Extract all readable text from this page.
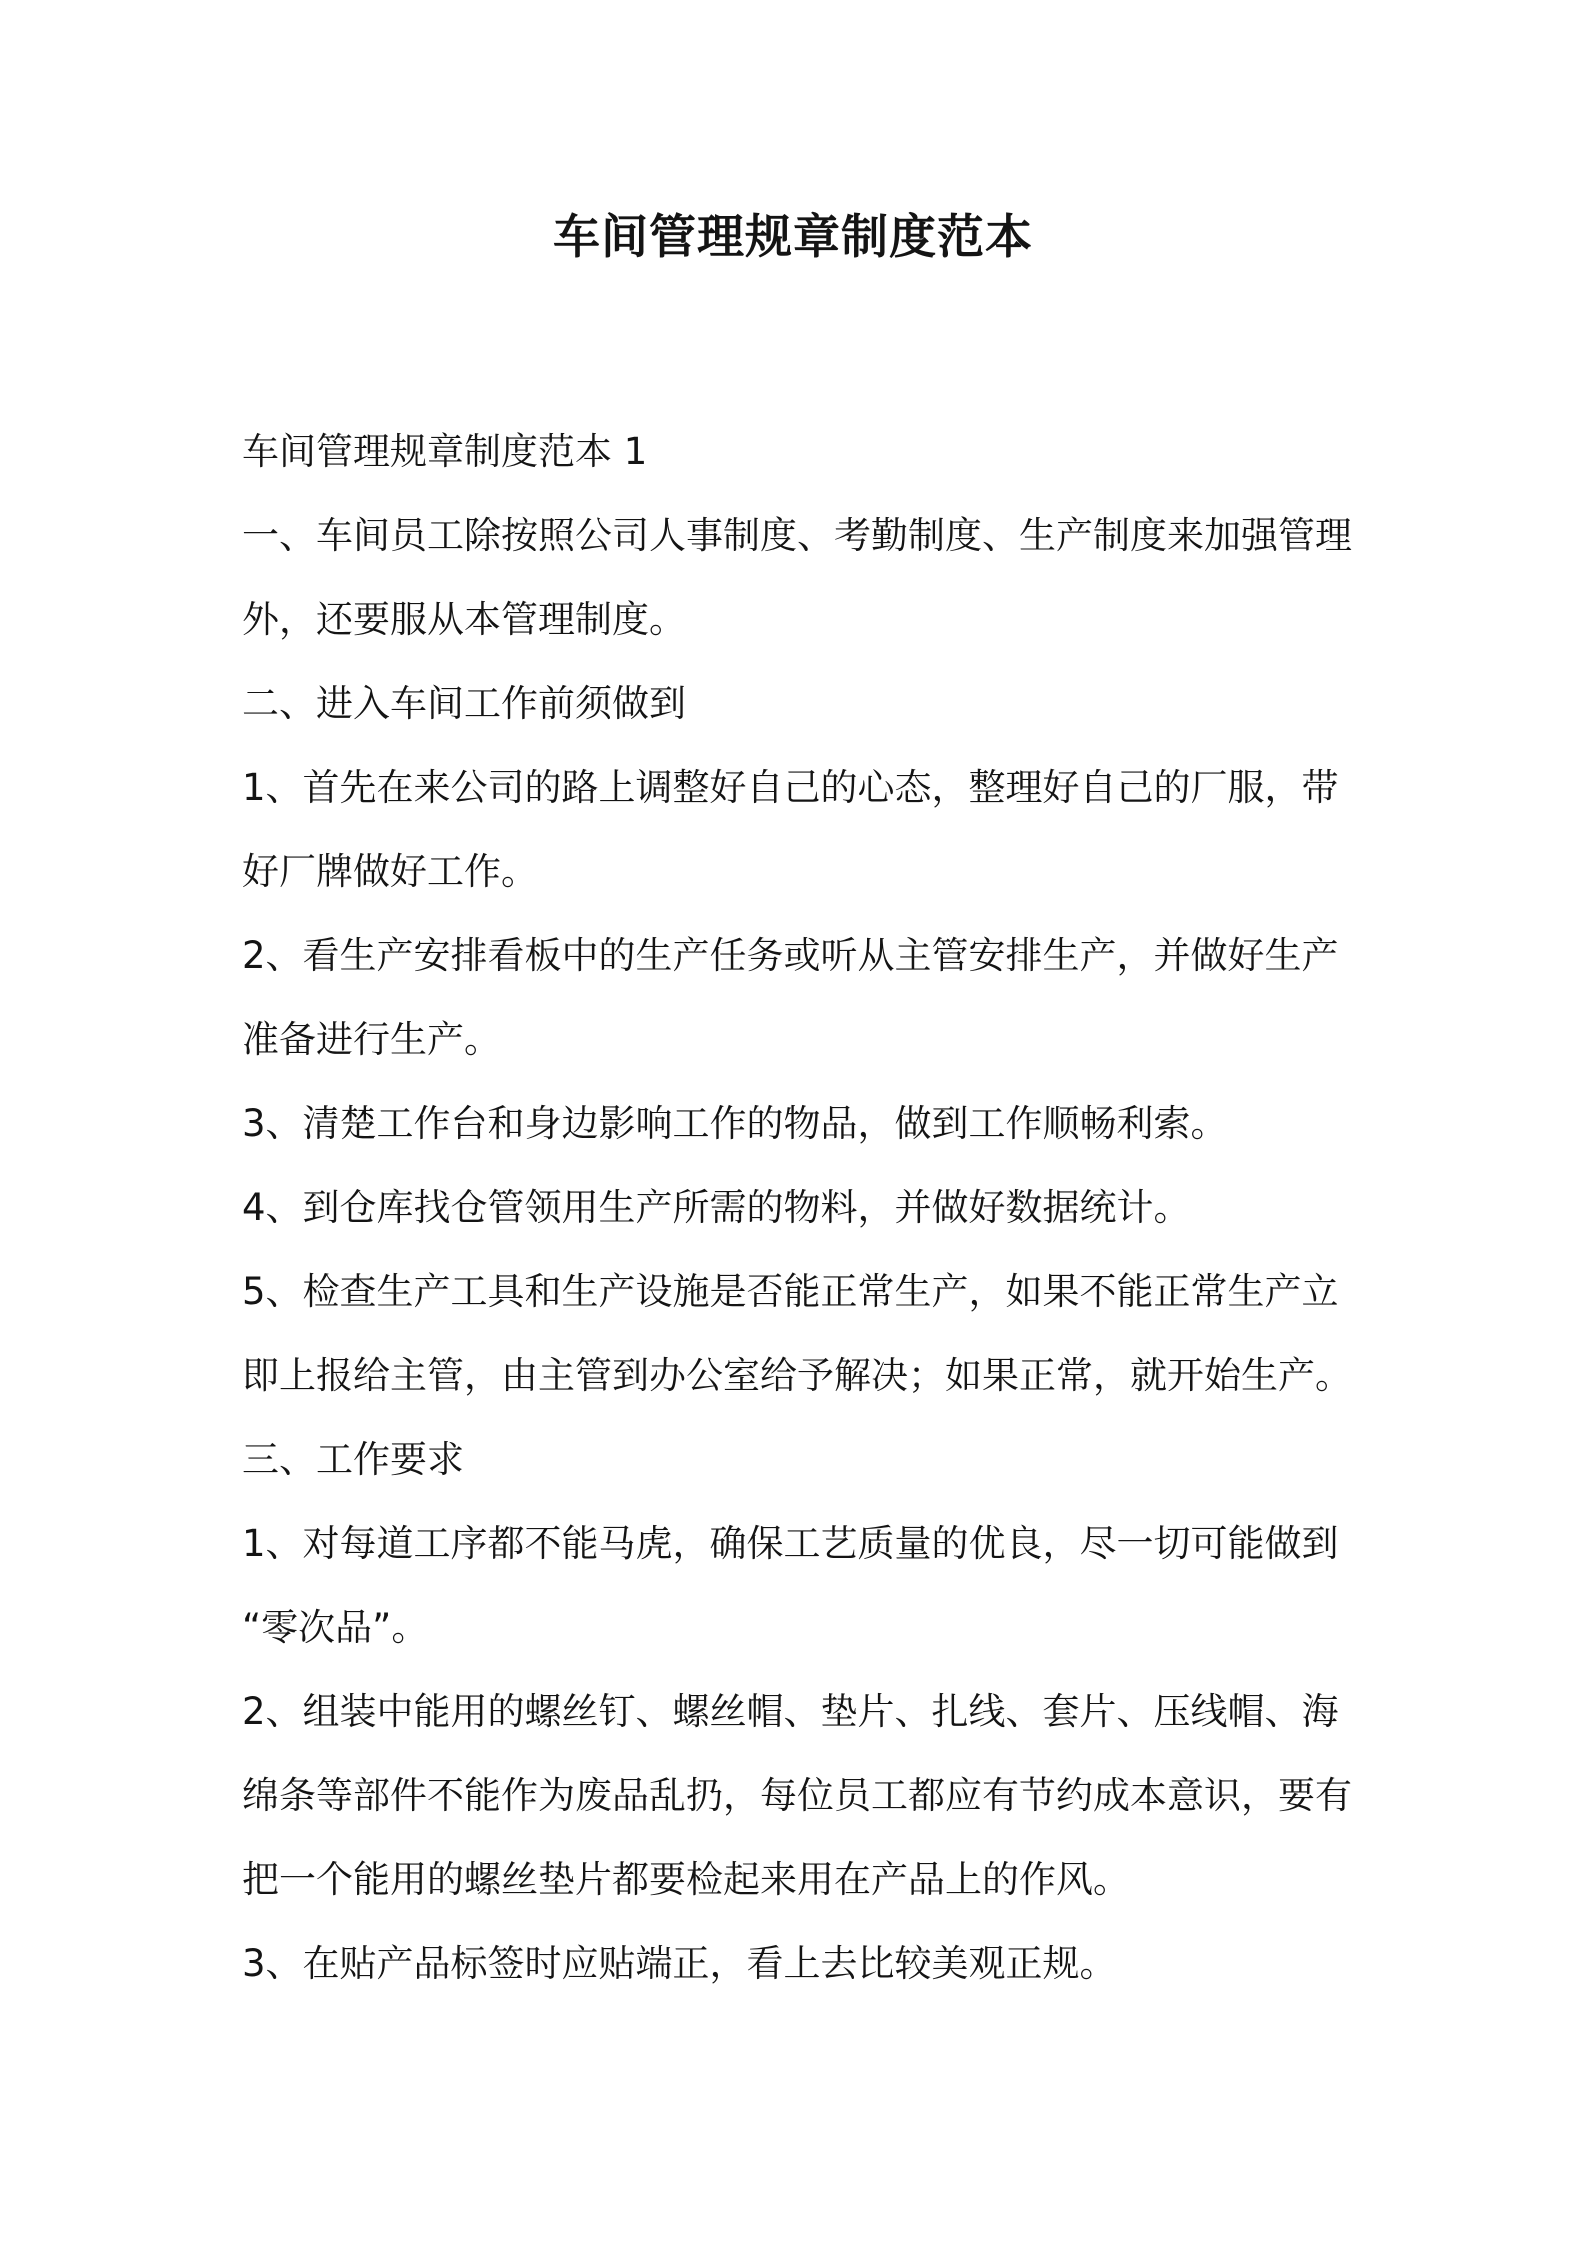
车间管理规章制度范本

车间管理规章制度范本 1

一、车间员工除按照公司人事制度、考勤制度、生产制度来加强管理

外，还要服从本管理制度。

二、进入车间工作前须做到

1、首先在来公司的路上调整好自己的心态，整理好自己的厂服，带

好厂牌做好工作。

2、看生产安排看板中的生产任务或听从主管安排生产，并做好生产

准备进行生产。

3、清楚工作台和身边影响工作的物品，做到工作顺畅利索。

4、到仓库找仓管领用生产所需的物料，并做好数据统计。

5、检查生产工具和生产设施是否能正常生产，如果不能正常生产立

即上报给主管，由主管到办公室给予解决；如果正常，就开始生产。

三、工作要求

1、对每道工序都不能马虎，确保工艺质量的优良，尽一切可能做到

“零次品”。

2、组装中能用的螺丝钉、螺丝帽、垫片、扎线、套片、压线帽、海

绵条等部件不能作为废品乱扔，每位员工都应有节约成本意识，要有

把一个能用的螺丝垫片都要检起来用在产品上的作风。

3、在贴产品标签时应贴端正，看上去比较美观正规。
